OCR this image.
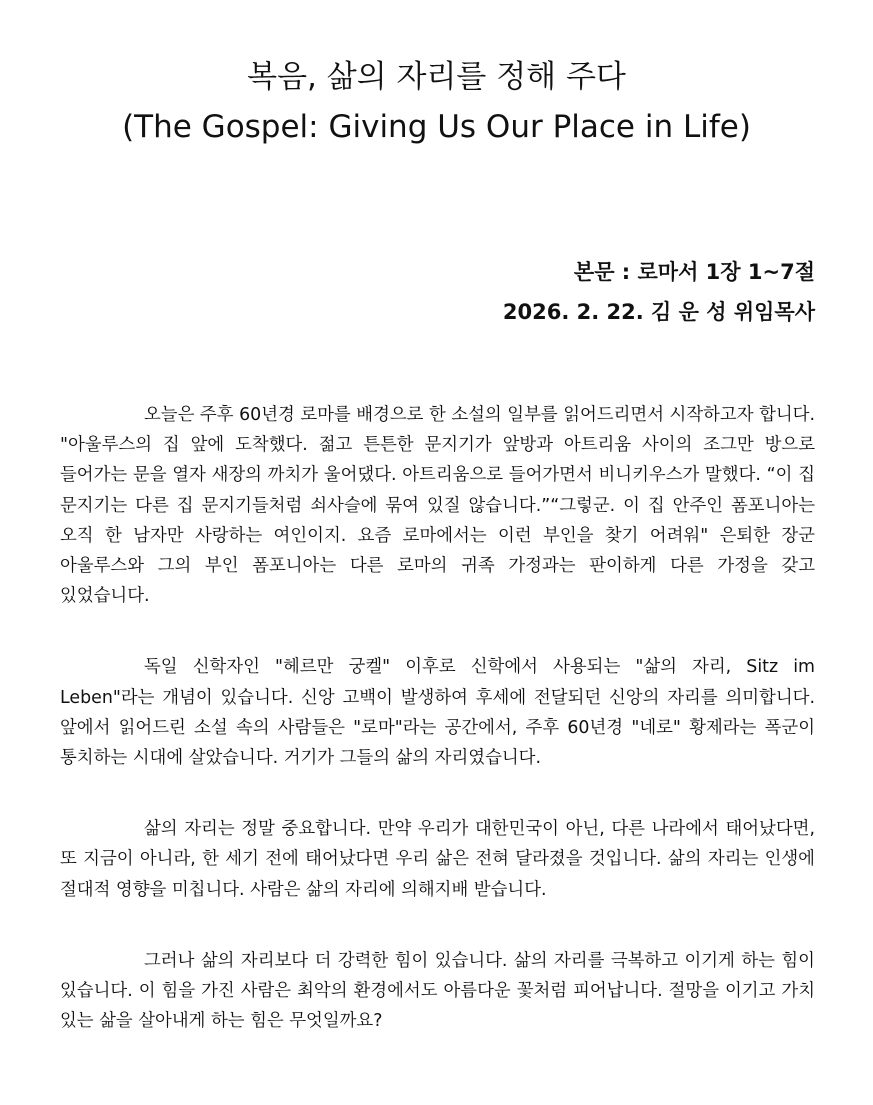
복음, 삶의 자리를 정해 주다
(The Gospel: Giving Us Our Place in Life)
본문 : 로마서 1장 1~7절
2026. 2. 22. 김 운 성 위임목사

오늘은 주후 60년경 로마를 배경으로 한 소설의 일부를 읽어드리면서 시작하고자 합니다. "아울루스의 집 앞에 도착했다. 젊고 튼튼한 문지기가 앞방과 아트리움 사이의 조그만 방으로 들어가는 문을 열자 새장의 까치가 울어댔다. 아트리움으로 들어가면서 비니키우스가 말했다. “이 집 문지기는 다른 집 문지기들처럼 쇠사슬에 묶여 있질 않습니다.”“그렇군. 이 집 안주인 폼포니아는 오직 한 남자만 사랑하는 여인이지. 요즘 로마에서는 이런 부인을 찾기 어려워" 은퇴한 장군 아울루스와 그의 부인 폼포니아는 다른 로마의 귀족 가정과는 판이하게 다른 가정을 갖고 있었습니다.

독일 신학자인 "헤르만 궁켈" 이후로 신학에서 사용되는 "삶의 자리, Sitz im Leben"라는 개념이 있습니다. 신앙 고백이 발생하여 후세에 전달되던 신앙의 자리를 의미합니다. 앞에서 읽어드린 소설 속의 사람들은 "로마"라는 공간에서, 주후 60년경 "네로" 황제라는 폭군이 통치하는 시대에 살았습니다. 거기가 그들의 삶의 자리였습니다.

삶의 자리는 정말 중요합니다. 만약 우리가 대한민국이 아닌, 다른 나라에서 태어났다면, 또 지금이 아니라, 한 세기 전에 태어났다면 우리 삶은 전혀 달라졌을 것입니다. 삶의 자리는 인생에 절대적 영향을 미칩니다. 사람은 삶의 자리에 의해지배 받습니다.

그러나 삶의 자리보다 더 강력한 힘이 있습니다. 삶의 자리를 극복하고 이기게 하는 힘이 있습니다. 이 힘을 가진 사람은 최악의 환경에서도 아름다운 꽃처럼 피어납니다. 절망을 이기고 가치 있는 삶을 살아내게 하는 힘은 무엇일까요?
